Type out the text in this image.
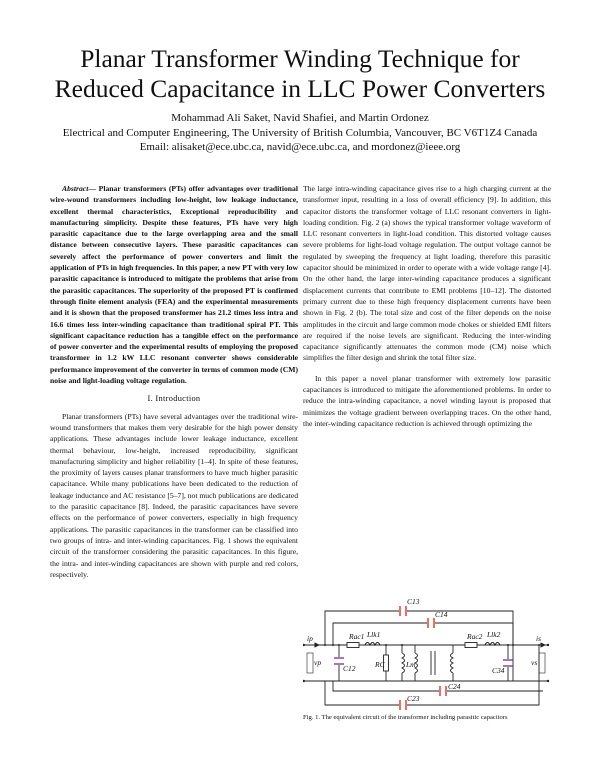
Planar Transformer Winding Technique for
Reduced Capacitance in LLC Power Converters
Mohammad Ali Saket, Navid Shafiei, and Martin Ordonez
Electrical and Computer Engineering, The University of British Columbia, Vancouver, BC V6T1Z4 Canada
Email: alisaket@ece.ubc.ca, navid@ece.ubc.ca, and mordonez@ieee.org

Abstract— Planar transformers (PTs) offer advantages over traditional wire-wound transformers including low-height, low leakage inductance, excellent thermal characteristics, Exceptional reproducibility and manufacturing simplicity. Despite these features, PTs have very high parasitic capacitance due to the large overlapping area and the small distance between consecutive layers. These parasitic capacitances can severely affect the performance of power converters and limit the application of PTs in high frequencies. In this paper, a new PT with very low parasitic capacitance is introduced to mitigate the problems that arise from the parasitic capacitances. The superiority of the proposed PT is confirmed through finite element analysis (FEA) and the experimental measurements and it is shown that the proposed transformer has 21.2 times less intra and 16.6 times less inter-winding capacitance than traditional spiral PT. This significant capacitance reduction has a tangible effect on the performance of power converter and the experimental results of employing the proposed transformer in 1.2 kW LLC resonant converter shows considerable performance improvement of the converter in terms of common mode (CM) noise and light-loading voltage regulation.

I. Introduction

Planar transformers (PTs) have several advantages over the traditional wire-wound transformers that makes them very desirable for the high power density applications. These advantages include lower leakage inductance, excellent thermal behaviour, low-height, increased reproducibility, significant manufacturing simplicity and higher reliability [1–4]. In spite of these features, the proximity of layers causes planar transformers to have much higher parasitic capacitance. While many publications have been dedicated to the reduction of leakage inductance and AC resistance [5–7], not much publications are dedicated to the parasitic capacitance [8]. Indeed, the parasitic capacitances have severe effects on the performance of power converters, especially in high frequency applications. The parasitic capacitances in the transformer can be classified into two groups of intra- and inter-winding capacitances. Fig. 1 shows the equivalent circuit of the transformer considering the parasitic capacitances. In this figure, the intra- and inter-winding capacitances are shown with purple and red colors, respectively.

The large intra-winding capacitance gives rise to a high charging current at the transformer input, resulting in a loss of overall efficiency [9]. In addition, this capacitor distorts the transformer voltage of LLC resonant converters in light-loading condition. Fig. 2 (a) shows the typical transformer voltage waveform of LLC resonant converters in light-load condition. This distorted voltage causes severe problems for light-load voltage regulation. The output voltage cannot be regulated by sweeping the frequency at light loading, therefore this parasitic capacitor should be minimized in order to operate with a wide voltage range [4]. On the other hand, the large inter-winding capacitance produces a significant displacement currents that contribute to EMI problems [10–12]. The distorted primary current due to these high frequency displacement currents have been shown in Fig. 2 (b). The total size and cost of the filter depends on the noise amplitudes in the circuit and large common mode chokes or shielded EMI filters are required if the noise levels are significant. Reducing the inter-winding capacitance significantly attenuates the common mode (CM) noise which simplifies the filter design and shrink the total filter size.

In this paper a novel planar transformer with extremely low parasitic capacitances is introduced to mitigate the aforementioned problems. In order to reduce the intra-winding capacitance, a novel winding layout is proposed that minimizes the voltage gradient between overlapping traces. On the other hand, the inter-winding capacitance reduction is achieved through optimizing the

C13
C14
C24
C23
C12	C34
Rac1 Llk1	Rac2 Llk2
RC	Lm
ip
vp
is
vs
Fig. 1. The equivalent circuit of the transformer including parasitic capacitors
